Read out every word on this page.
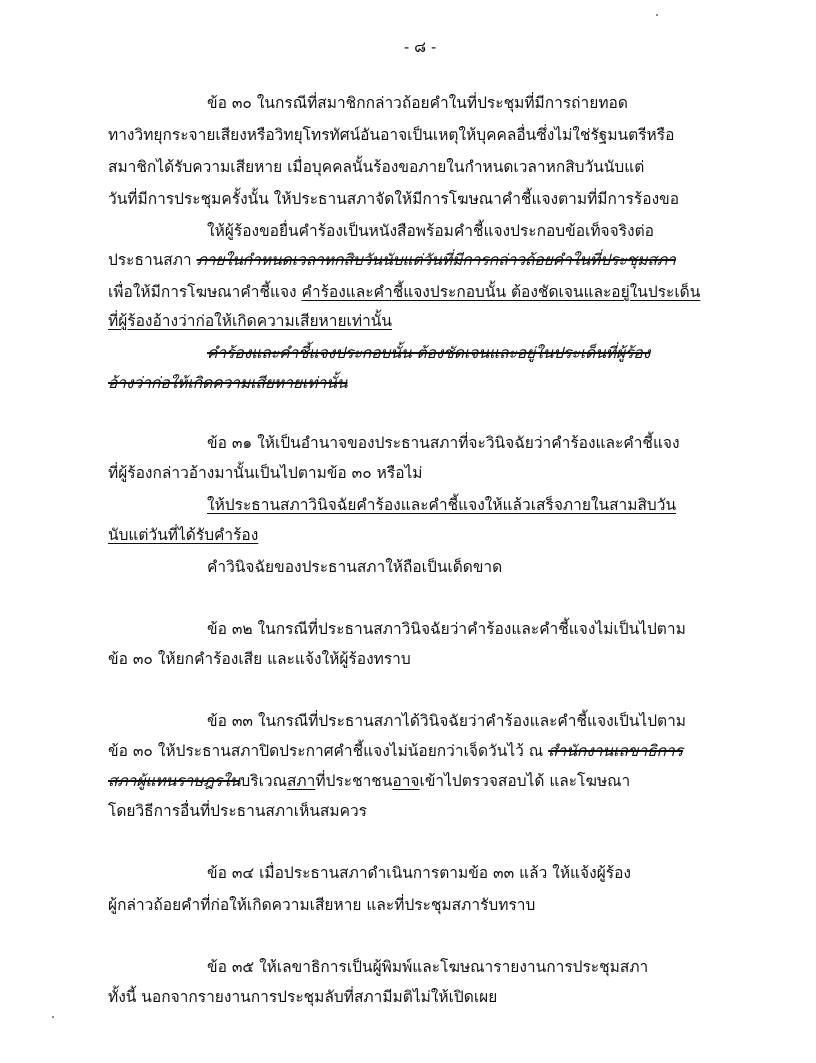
- ๘ -
ข้อ ๓๐ ในกรณีที่สมาชิกกล่าวถ้อยคำในที่ประชุมที่มีการถ่ายทอด
ทางวิทยุกระจายเสียงหรือวิทยุโทรทัศน์อันอาจเป็นเหตุให้บุคคลอื่นซึ่งไม่ใช่รัฐมนตรีหรือ
สมาชิกได้รับความเสียหาย เมื่อบุคคลนั้นร้องขอภายในกำหนดเวลาหกสิบวันนับแต่
วันที่มีการประชุมครั้งนั้น ให้ประธานสภาจัดให้มีการโฆษณาคำชี้แจงตามที่มีการร้องขอ
ให้ผู้ร้องขอยื่นคำร้องเป็นหนังสือพร้อมคำชี้แจงประกอบข้อเท็จจริงต่อ
ประธานสภา ภายในกำหนดเวลาหกสิบวันนับแต่วันที่มีการกล่าวถ้อยคำในที่ประชุมสภา
เพื่อให้มีการโฆษณาคำชี้แจง คำร้องและคำชี้แจงประกอบนั้น ต้องชัดเจนและอยู่ในประเด็น
ที่ผู้ร้องอ้างว่าก่อให้เกิดความเสียหายเท่านั้น
คำร้องและคำชี้แจงประกอบนั้น ต้องชัดเจนและอยู่ในประเด็นที่ผู้ร้อง
อ้างว่าก่อให้เกิดความเสียหายเท่านั้น
ข้อ ๓๑ ให้เป็นอำนาจของประธานสภาที่จะวินิจฉัยว่าคำร้องและคำชี้แจง
ที่ผู้ร้องกล่าวอ้างมานั้นเป็นไปตามข้อ ๓๐ หรือไม่
ให้ประธานสภาวินิจฉัยคำร้องและคำชี้แจงให้แล้วเสร็จภายในสามสิบวัน
นับแต่วันที่ได้รับคำร้อง
คำวินิจฉัยของประธานสภาให้ถือเป็นเด็ดขาด
ข้อ ๓๒ ในกรณีที่ประธานสภาวินิจฉัยว่าคำร้องและคำชี้แจงไม่เป็นไปตาม
ข้อ ๓๐ ให้ยกคำร้องเสีย และแจ้งให้ผู้ร้องทราบ
ข้อ ๓๓ ในกรณีที่ประธานสภาได้วินิจฉัยว่าคำร้องและคำชี้แจงเป็นไปตาม
ข้อ ๓๐ ให้ประธานสภาปิดประกาศคำชี้แจงไม่น้อยกว่าเจ็ดวันไว้ ณ สำนักงานเลขาธิการ
สภาผู้แทนราษฎรในบริเวณสภาที่ประชาชนอาจเข้าไปตรวจสอบได้ และโฆษณา
โดยวิธีการอื่นที่ประธานสภาเห็นสมควร
ข้อ ๓๔ เมื่อประธานสภาดำเนินการตามข้อ ๓๓ แล้ว ให้แจ้งผู้ร้อง
ผู้กล่าวถ้อยคำที่ก่อให้เกิดความเสียหาย และที่ประชุมสภารับทราบ
ข้อ ๓๕ ให้เลขาธิการเป็นผู้พิมพ์และโฆษณารายงานการประชุมสภา
ทั้งนี้ นอกจากรายงานการประชุมลับที่สภามีมติไม่ให้เปิดเผย
